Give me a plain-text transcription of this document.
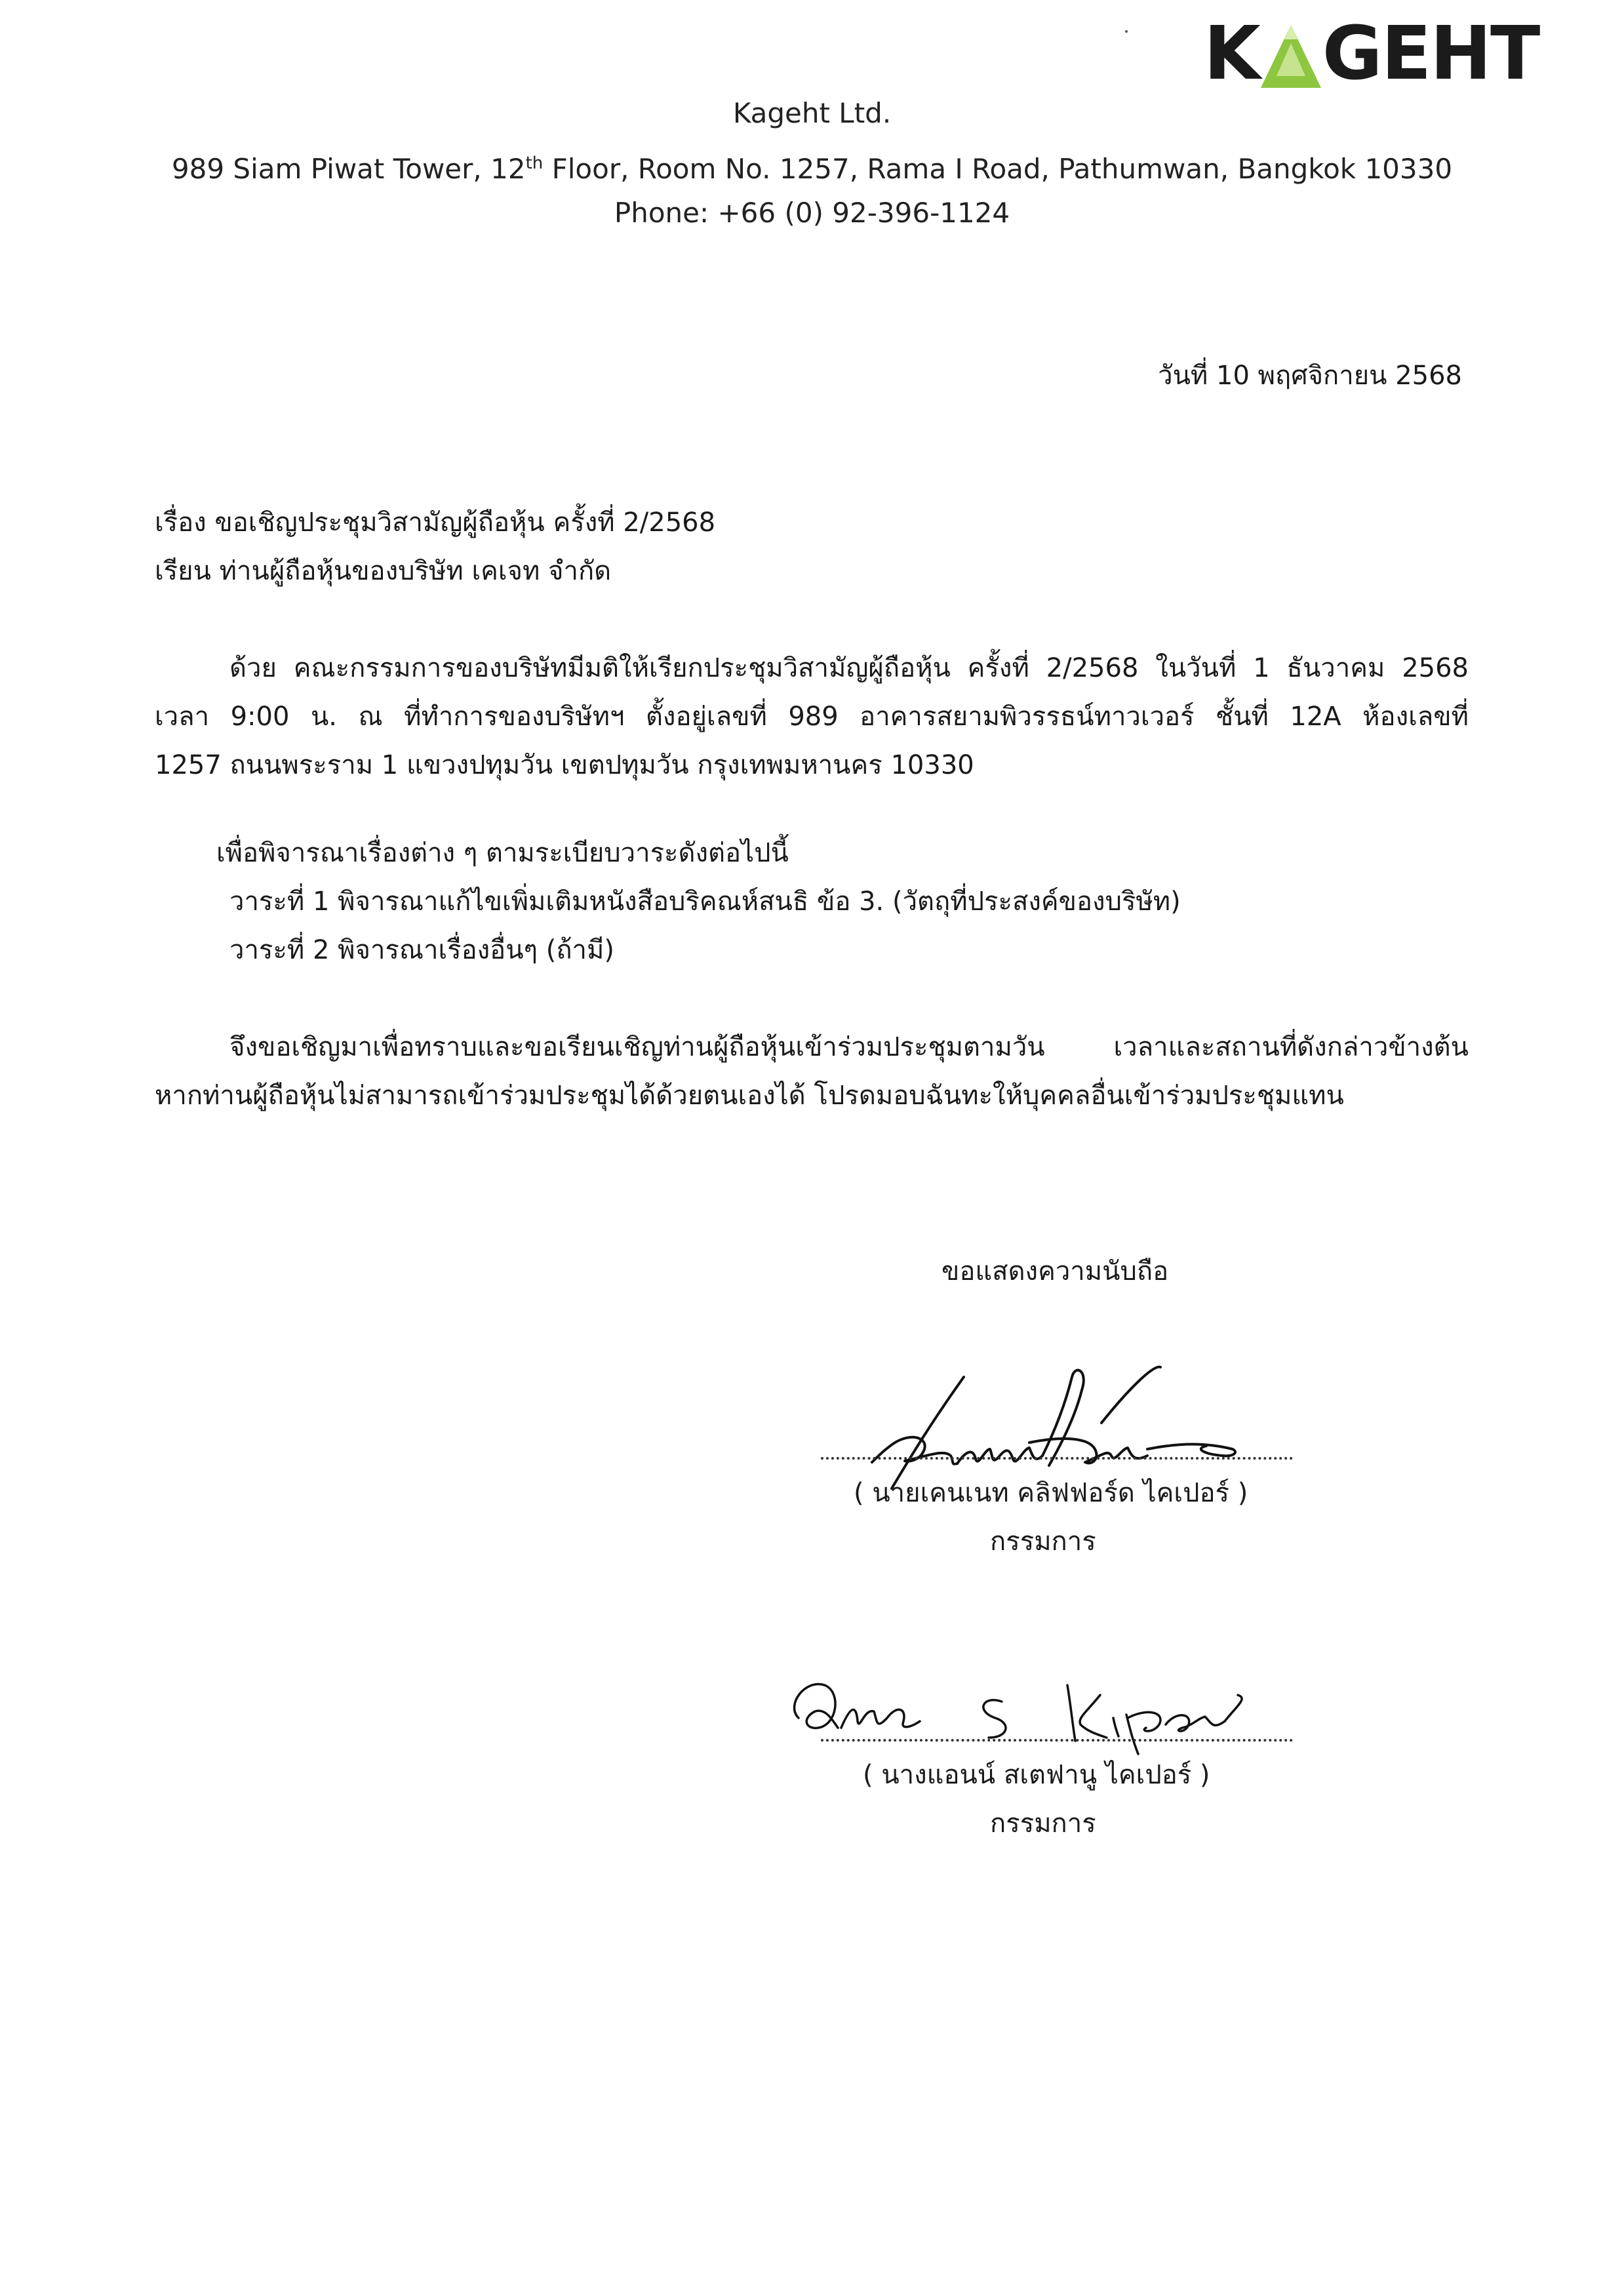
K GEHT
Kageht Ltd.
989 Siam Piwat Tower, 12th Floor, Room No. 1257, Rama I Road, Pathumwan, Bangkok 10330
Phone: +66 (0) 92-396-1124
วันที่ 10 พฤศจิกายน 2568
เรื่อง ขอเชิญประชุมวิสามัญผู้ถือหุ้น ครั้งที่ 2/2568
เรียน ท่านผู้ถือหุ้นของบริษัท เคเจท จำกัด
ด้วย คณะกรรมการของบริษัทมีมติให้เรียกประชุมวิสามัญผู้ถือหุ้น ครั้งที่ 2/2568 ในวันที่ 1 ธันวาคม 2568
เวลา 9:00 น. ณ ที่ทำการของบริษัทฯ ตั้งอยู่เลขที่ 989 อาคารสยามพิวรรธน์ทาวเวอร์ ชั้นที่ 12A ห้องเลขที่
1257 ถนนพระราม 1 แขวงปทุมวัน เขตปทุมวัน กรุงเทพมหานคร 10330
เพื่อพิจารณาเรื่องต่าง ๆ ตามระเบียบวาระดังต่อไปนี้
วาระที่ 1 พิจารณาแก้ไขเพิ่มเติมหนังสือบริคณห์สนธิ ข้อ 3. (วัตถุที่ประสงค์ของบริษัท)
วาระที่ 2 พิจารณาเรื่องอื่นๆ (ถ้ามี)
จึงขอเชิญมาเพื่อทราบและขอเรียนเชิญท่านผู้ถือหุ้นเข้าร่วมประชุมตามวัน เวลาและสถานที่ดังกล่าวข้างต้น
หากท่านผู้ถือหุ้นไม่สามารถเข้าร่วมประชุมได้ด้วยตนเองได้ โปรดมอบฉันทะให้บุคคลอื่นเข้าร่วมประชุมแทน
ขอแสดงความนับถือ
( นายเคนเนท คลิฟฟอร์ด ไคเปอร์ )
กรรมการ
( นางแอนน์ สเตฟานู ไคเปอร์ )
กรรมการ
